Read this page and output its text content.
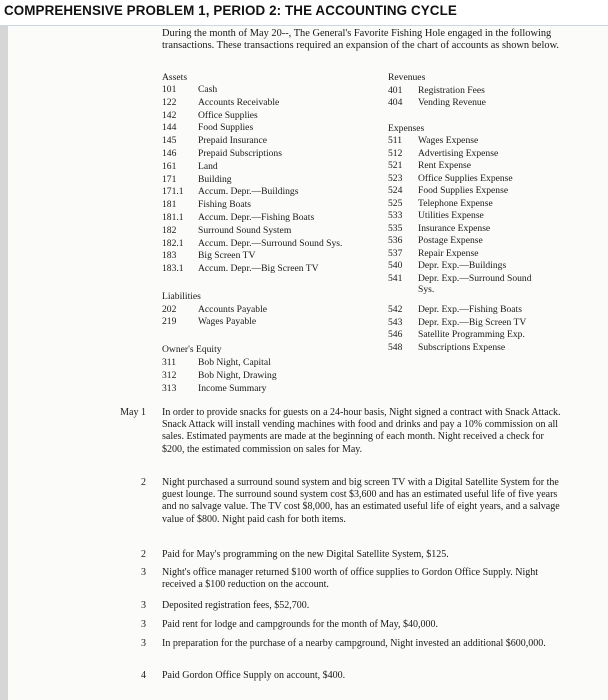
COMPREHENSIVE PROBLEM 1, PERIOD 2: THE ACCOUNTING CYCLE
During the month of May 20--, The General's Favorite Fishing Hole engaged in the following transactions. These transactions required an expansion of the chart of accounts as shown below.
Assets
101 Cash
122 Accounts Receivable
142 Office Supplies
144 Food Supplies
145 Prepaid Insurance
146 Prepaid Subscriptions
161 Land
171 Building
171.1 Accum. Depr.—Buildings
181 Fishing Boats
181.1 Accum. Depr.—Fishing Boats
182 Surround Sound System
182.1 Accum. Depr.—Surround Sound Sys.
183 Big Screen TV
183.1 Accum. Depr.—Big Screen TV
Liabilities
202 Accounts Payable
219 Wages Payable
Owner's Equity
311 Bob Night, Capital
312 Bob Night, Drawing
313 Income Summary
Revenues
401 Registration Fees
404 Vending Revenue
Expenses
511 Wages Expense
512 Advertising Expense
521 Rent Expense
523 Office Supplies Expense
524 Food Supplies Expense
525 Telephone Expense
533 Utilities Expense
535 Insurance Expense
536 Postage Expense
537 Repair Expense
540 Depr. Exp.—Buildings
541 Depr. Exp.—Surround Sound Sys.
542 Depr. Exp.—Fishing Boats
543 Depr. Exp.—Big Screen TV
546 Satellite Programming Exp.
548 Subscriptions Expense
May 1 In order to provide snacks for guests on a 24-hour basis, Night signed a contract with Snack Attack. Snack Attack will install vending machines with food and drinks and pay a 10% commission on all sales. Estimated payments are made at the beginning of each month. Night received a check for $200, the estimated commission on sales for May.
2 Night purchased a surround sound system and big screen TV with a Digital Satellite System for the guest lounge. The surround sound system cost $3,600 and has an estimated useful life of five years and no salvage value. The TV cost $8,000, has an estimated useful life of eight years, and a salvage value of $800. Night paid cash for both items.
2 Paid for May's programming on the new Digital Satellite System, $125.
3 Night's office manager returned $100 worth of office supplies to Gordon Office Supply. Night received a $100 reduction on the account.
3 Deposited registration fees, $52,700.
3 Paid rent for lodge and campgrounds for the month of May, $40,000.
3 In preparation for the purchase of a nearby campground, Night invested an additional $600,000.
4 Paid Gordon Office Supply on account, $400.
